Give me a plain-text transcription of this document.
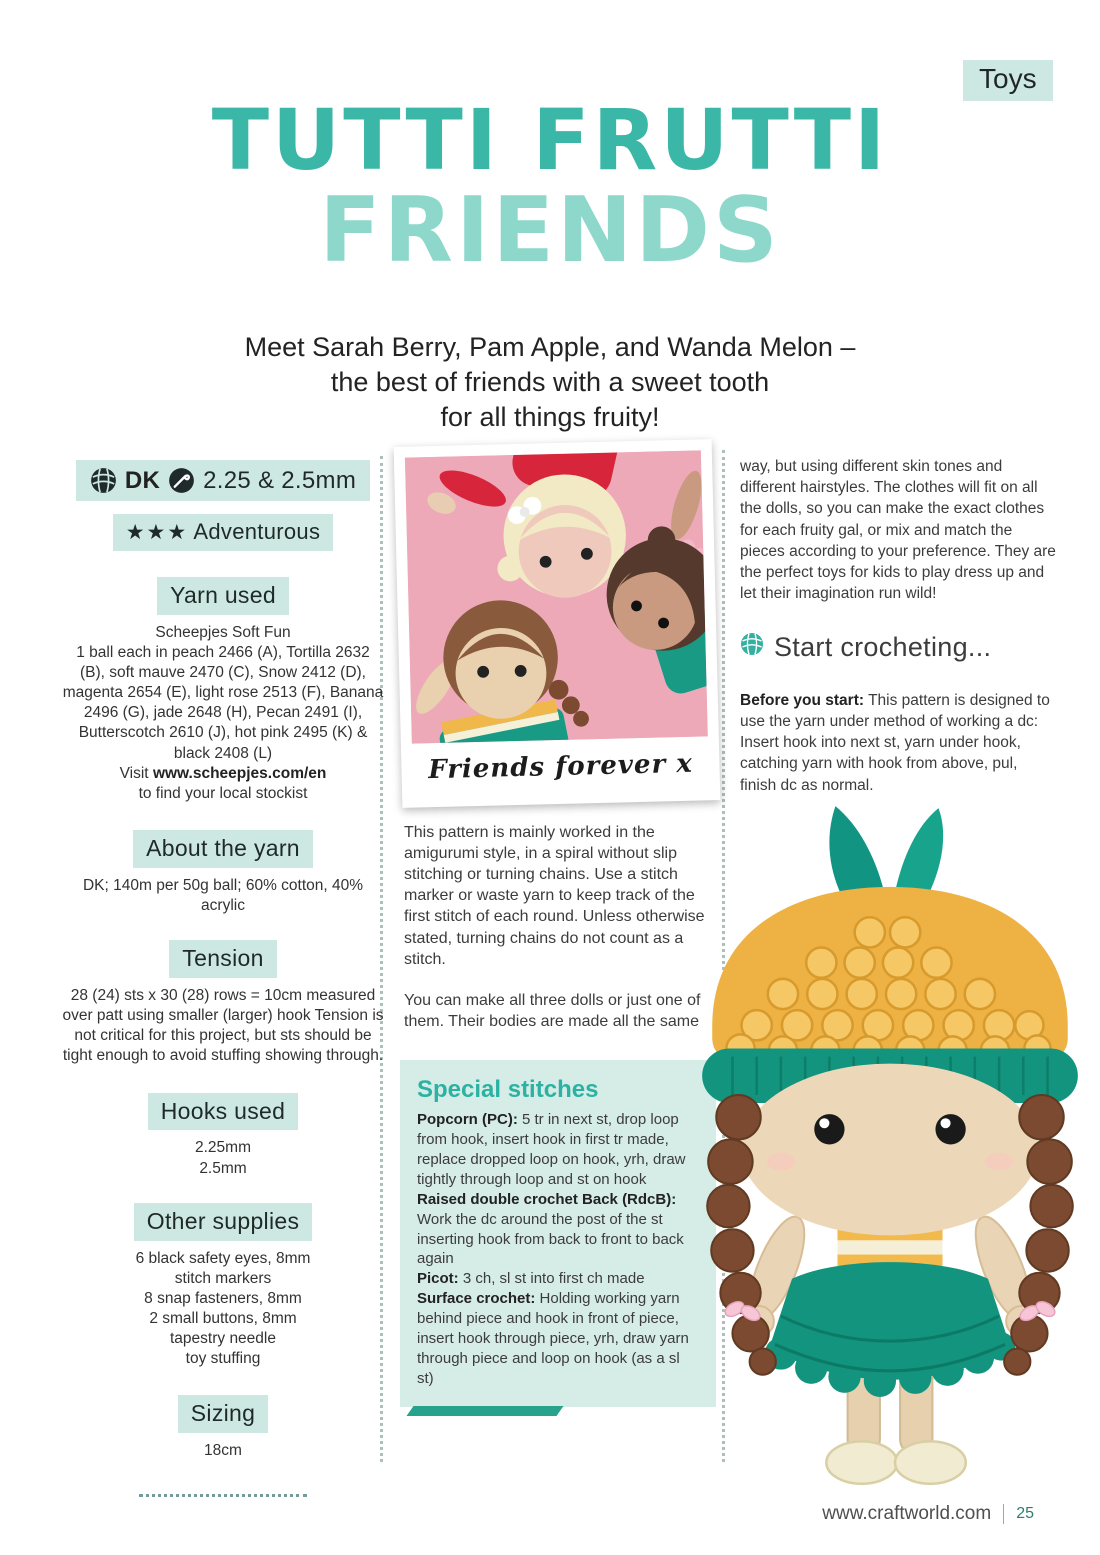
Toys
TUTTI FRUTTI
FRIENDS
Meet Sarah Berry, Pam Apple, and Wanda Melon –
the best of friends with a sweet tooth
for all things fruity!
DK 2.25 & 2.5mm
★★★ Adventurous
Yarn used
Scheepjes Soft Fun
1 ball each in peach 2466 (A), Tortilla 2632 (B), soft mauve 2470 (C), Snow 2412 (D), magenta 2654 (E), light rose 2513 (F), Banana 2496 (G), jade 2648 (H), Pecan 2491 (I), Butterscotch 2610 (J), hot pink 2495 (K) & black 2408 (L)
Visit www.scheepjes.com/en
to find your local stockist
About the yarn
DK; 140m per 50g ball; 60% cotton, 40% acrylic
Tension
28 (24) sts x 30 (28) rows = 10cm measured over patt using smaller (larger) hook Tension is not critical for this project, but sts should be tight enough to avoid stuffing showing through.
Hooks used
2.25mm
2.5mm
Other supplies
6 black safety eyes, 8mm
stitch markers
8 snap fasteners, 8mm
2 small buttons, 8mm
tapestry needle
toy stuffing
Sizing
18cm
Friends forever x

This pattern is mainly worked in the amigurumi style, in a spiral without slip stitching or turning chains. Use a stitch marker or waste yarn to keep track of the first stitch of each round. Unless otherwise stated, turning chains do not count as a stitch.

You can make all three dolls or just one of them. Their bodies are made all the same

Special stitches

Popcorn (PC): 5 tr in next st, drop loop from hook, insert hook in first tr made, replace dropped loop on hook, yrh, draw tightly through loop and st on hook

Raised double crochet Back (RdcB): Work the dc around the post of the st inserting hook from back to front to back again

Picot: 3 ch, sl st into first ch made

Surface crochet: Holding working yarn behind piece and hook in front of piece, insert hook through piece, yrh, draw yarn through piece and loop on hook (as a sl st)

way, but using different skin tones and different hairstyles. The clothes will fit on all the dolls, so you can make the exact clothes for each fruity gal, or mix and match the pieces according to your preference. They are the perfect toys for kids to play dress up and let their imagination run wild!

Start crocheting...

Before you start: This pattern is designed to use the yarn under method of working a dc: Insert hook into next st, yarn under hook, catching yarn with hook from above, pul, finish dc as normal.

www.craftworld.com 25
